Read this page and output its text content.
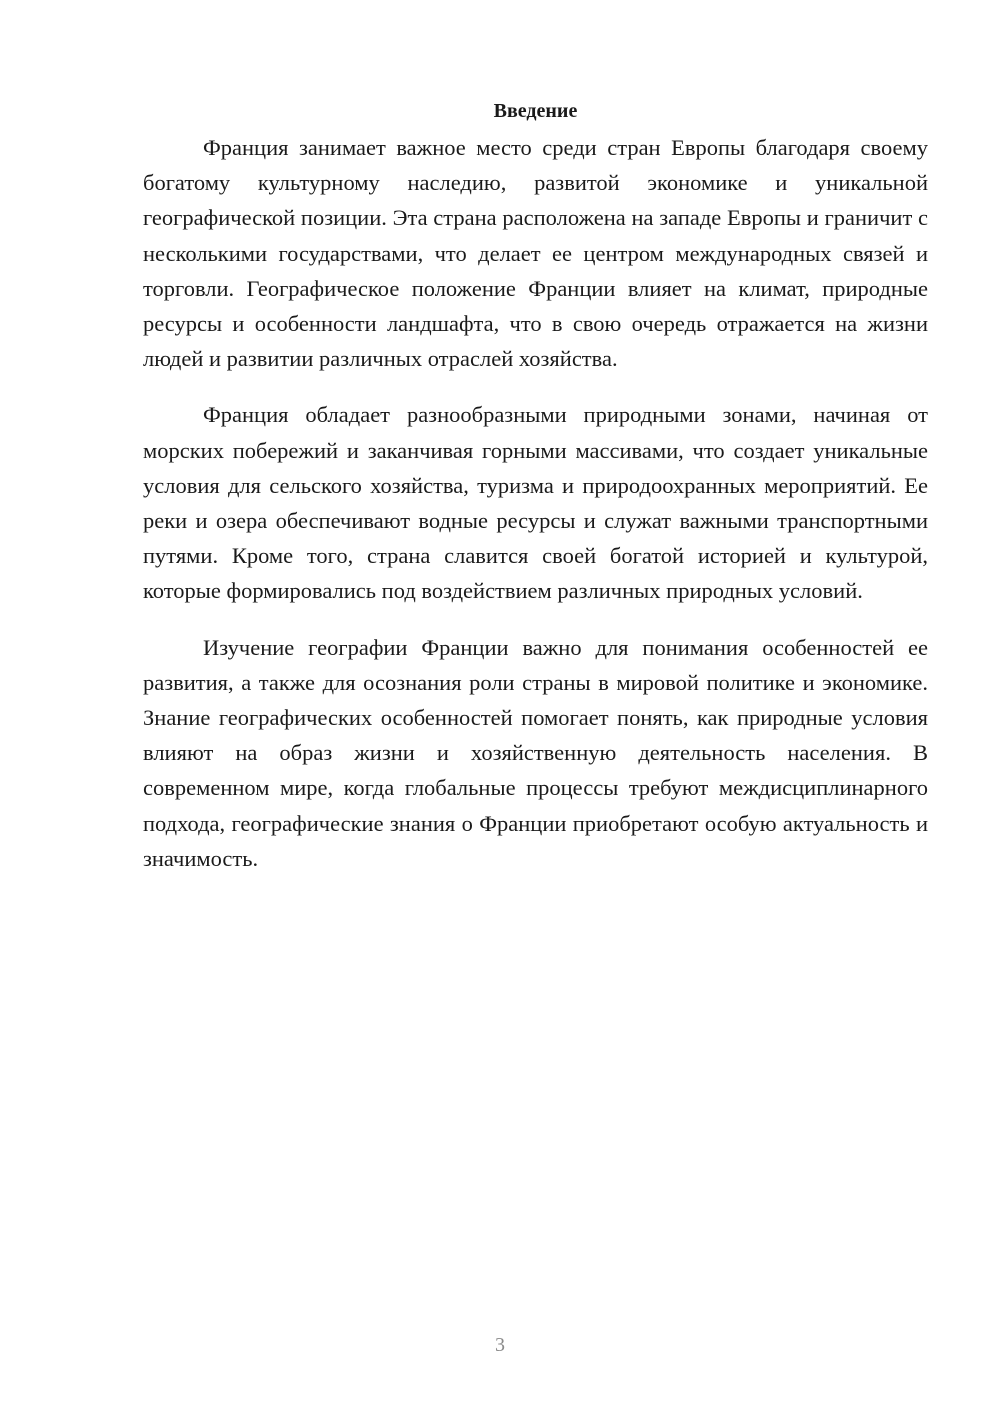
Введение

Франция занимает важное место среди стран Европы благодаря своему богатому культурному наследию, развитой экономике и уникальной географической позиции. Эта страна расположена на западе Европы и граничит с несколькими государствами, что делает ее центром международных связей и торговли. Географическое положение Франции влияет на климат, природные ресурсы и особенности ландшафта, что в свою очередь отражается на жизни людей и развитии различных отраслей хозяйства.

Франция обладает разнообразными природными зонами, начиная от морских побережий и заканчивая горными массивами, что создает уникальные условия для сельского хозяйства, туризма и природоохранных мероприятий. Ее реки и озера обеспечивают водные ресурсы и служат важными транспортными путями. Кроме того, страна славится своей богатой историей и культурой, которые формировались под воздействием различных природных условий.

Изучение географии Франции важно для понимания особенностей ее развития, а также для осознания роли страны в мировой политике и экономике. Знание географических особенностей помогает понять, как природные условия влияют на образ жизни и хозяйственную деятельность населения. В современном мире, когда глобальные процессы требуют междисциплинарного подхода, географические знания о Франции приобретают особую актуальность и значимость.

3
